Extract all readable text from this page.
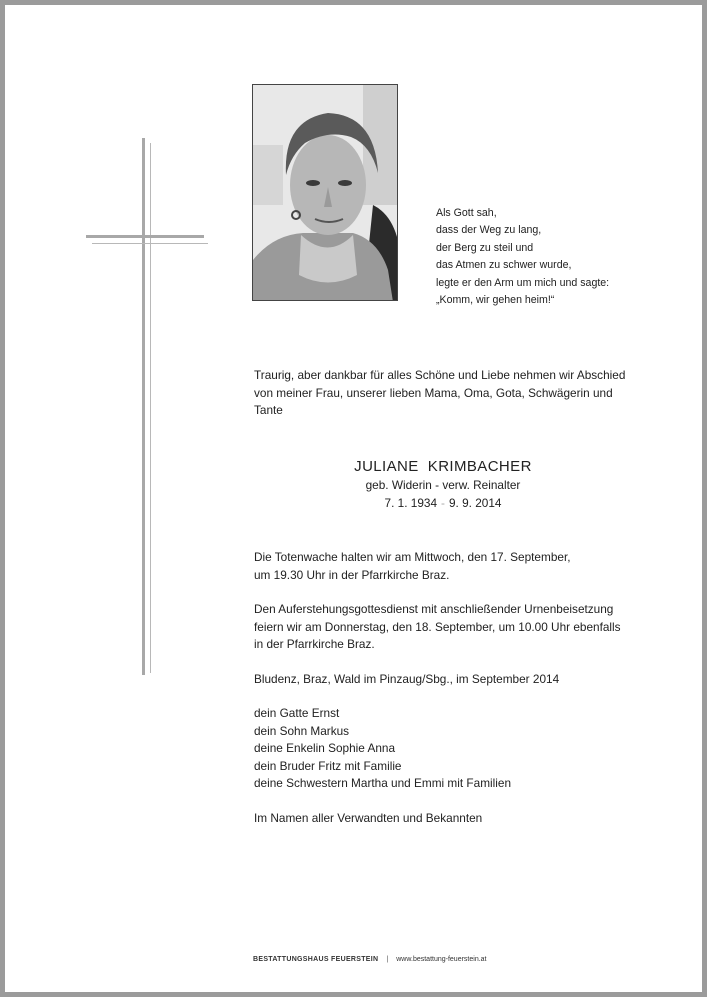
Als Gott sah,
dass der Weg zu lang,
der Berg zu steil und
das Atmen zu schwer wurde,
legte er den Arm um mich und sagte:
„Komm, wir gehen heim!“
Traurig, aber dankbar für alles Schöne und Liebe nehmen wir Abschied
von meiner Frau, unserer lieben Mama, Oma, Gota, Schwägerin und
Tante
JULIANE  KRIMBACHER
geb. Widerin - verw. Reinalter
7. 1. 1934 - 9. 9. 2014
Die Totenwache halten wir am Mittwoch, den 17. September,
um 19.30 Uhr in der Pfarrkirche Braz.
Den Auferstehungsgottesdienst mit anschließender Urnenbeisetzung
feiern wir am Donnerstag, den 18. September, um 10.00 Uhr ebenfalls
in der Pfarrkirche Braz.
Bludenz, Braz, Wald im Pinzaug/Sbg., im September 2014
dein Gatte Ernst
dein Sohn Markus
deine Enkelin Sophie Anna
dein Bruder Fritz mit Familie
deine Schwestern Martha und Emmi mit Familien
Im Namen aller Verwandten und Bekannten
BESTATTUNGSHAUS FEUERSTEIN | www.bestattung-feuerstein.at
